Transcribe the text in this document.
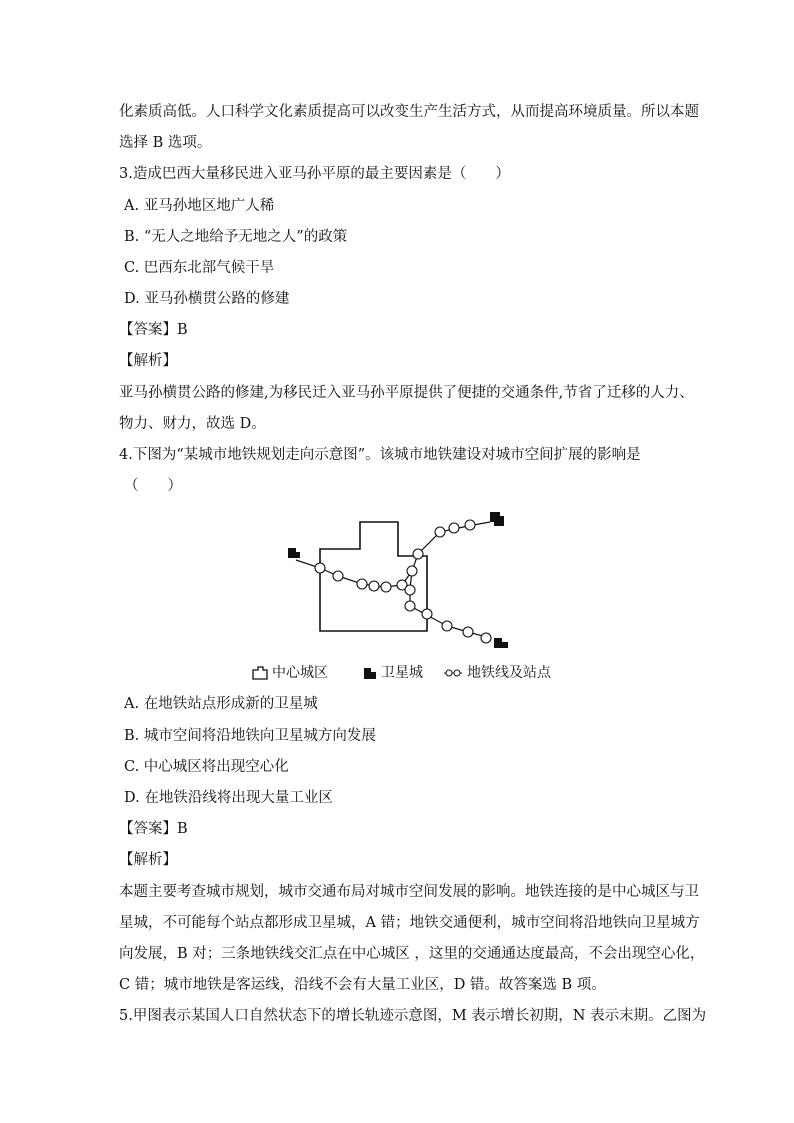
化素质高低。人口科学文化素质提高可以改变生产生活方式，从而提高环境质量。所以本题
选择 B 选项。
3.造成巴西大量移民进入亚马孙平原的最主要因素是（　　）
A. 亚马孙地区地广人稀
B. “无人之地给予无地之人”的政策
C. 巴西东北部气候干旱
D. 亚马孙横贯公路的修建
【答案】B
【解析】
亚马孙横贯公路的修建,为移民迁入亚马孙平原提供了便捷的交通条件,节省了迁移的人力、
物力、财力，故选 D。
4.下图为“某城市地铁规划走向示意图”。该城市地铁建设对城市空间扩展的影响是
（　　）
中心城区	卫星城	地铁线及站点
A. 在地铁站点形成新的卫星城
B. 城市空间将沿地铁向卫星城方向发展
C. 中心城区将出现空心化
D. 在地铁沿线将出现大量工业区
【答案】B
【解析】
本题主要考查城市规划，城市交通布局对城市空间发展的影响。地铁连接的是中心城区与卫
星城，不可能每个站点都形成卫星城，A 错；地铁交通便利，城市空间将沿地铁向卫星城方
向发展，B 对；三条地铁线交汇点在中心城区 ，这里的交通通达度最高，不会出现空心化，
C 错；城市地铁是客运线，沿线不会有大量工业区，D 错。故答案选 B 项。
5.甲图表示某国人口自然状态下的增长轨迹示意图，M 表示增长初期，N 表示末期。乙图为
